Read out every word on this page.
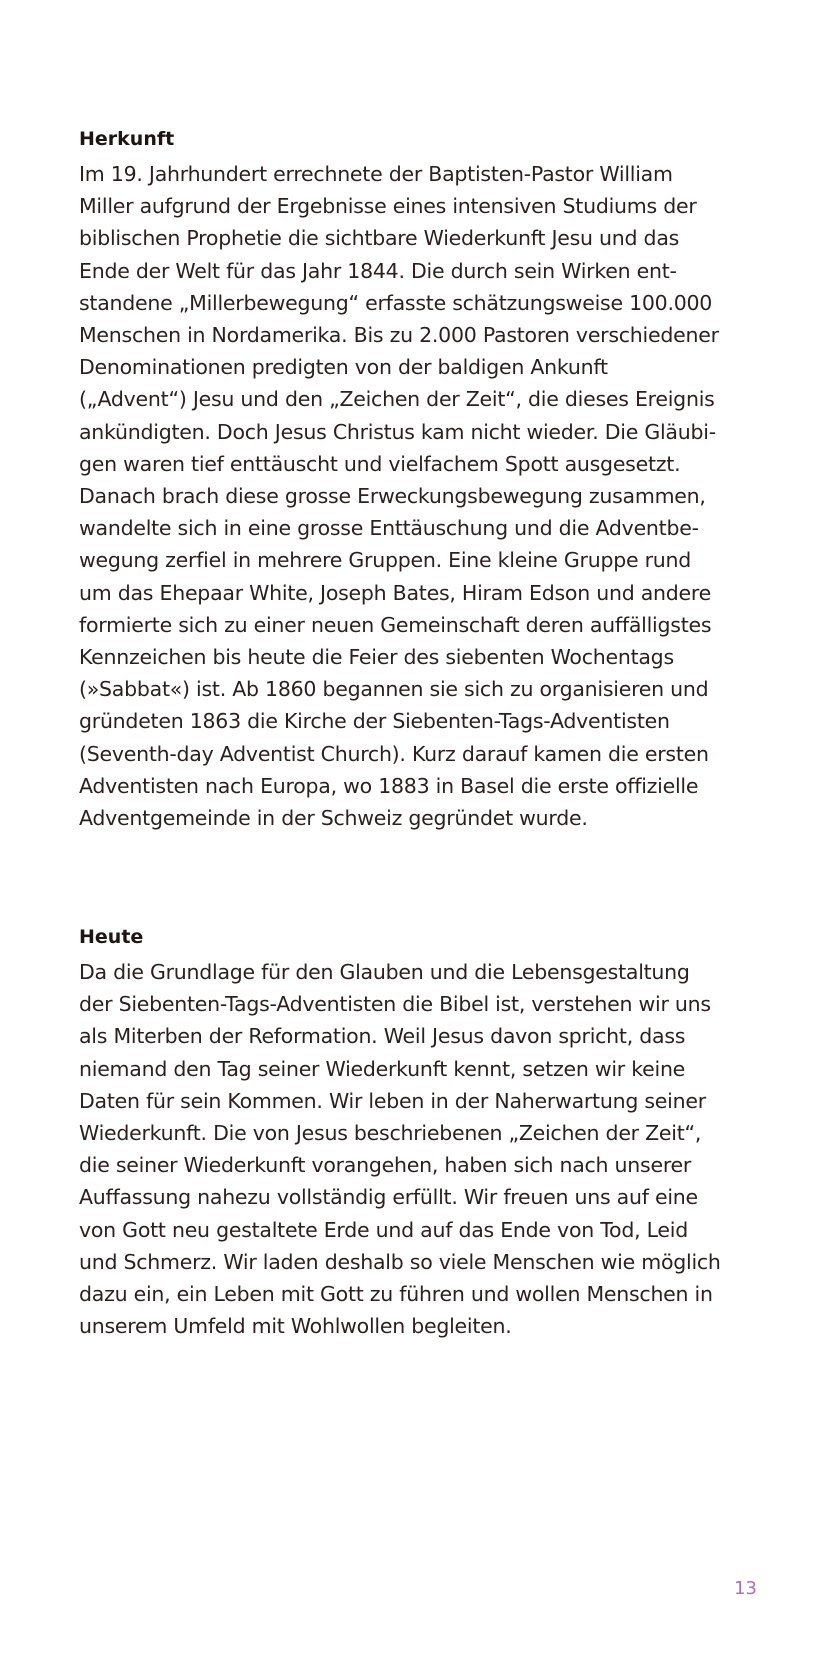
Herkunft

Im 19. Jahrhundert errechnete der Baptisten-Pastor William
Miller aufgrund der Ergebnisse eines intensiven Studiums der
biblischen Prophetie die sichtbare Wiederkunft Jesu und das
Ende der Welt für das Jahr 1844. Die durch sein Wirken ent-
standene „Millerbewegung“ erfasste schätzungsweise 100.000
Menschen in Nordamerika. Bis zu 2.000 Pastoren verschiedener
Denominationen predigten von der baldigen Ankunft
(„Advent“) Jesu und den „Zeichen der Zeit“, die dieses Ereignis
ankündigten. Doch Jesus Christus kam nicht wieder. Die Gläubi-
gen waren tief enttäuscht und vielfachem Spott ausgesetzt.
Danach brach diese grosse Erweckungsbewegung zusammen,
wandelte sich in eine grosse Enttäuschung und die Adventbe-
wegung zerfiel in mehrere Gruppen. Eine kleine Gruppe rund
um das Ehepaar White, Joseph Bates, Hiram Edson und andere
formierte sich zu einer neuen Gemeinschaft deren auffälligstes
Kennzeichen bis heute die Feier des siebenten Wochentags
(»Sabbat«) ist. Ab 1860 begannen sie sich zu organisieren und
gründeten 1863 die Kirche der Siebenten-Tags-Adventisten
(Seventh-day Adventist Church). Kurz darauf kamen die ersten
Adventisten nach Europa, wo 1883 in Basel die erste offizielle
Adventgemeinde in der Schweiz gegründet wurde.

Heute

Da die Grundlage für den Glauben und die Lebensgestaltung
der Siebenten-Tags-Adventisten die Bibel ist, verstehen wir uns
als Miterben der Reformation. Weil Jesus davon spricht, dass
niemand den Tag seiner Wiederkunft kennt, setzen wir keine
Daten für sein Kommen. Wir leben in der Naherwartung seiner
Wiederkunft. Die von Jesus beschriebenen „Zeichen der Zeit“,
die seiner Wiederkunft vorangehen, haben sich nach unserer
Auffassung nahezu vollständig erfüllt. Wir freuen uns auf eine
von Gott neu gestaltete Erde und auf das Ende von Tod, Leid
und Schmerz. Wir laden deshalb so viele Menschen wie möglich
dazu ein, ein Leben mit Gott zu führen und wollen Menschen in
unserem Umfeld mit Wohlwollen begleiten.

13
